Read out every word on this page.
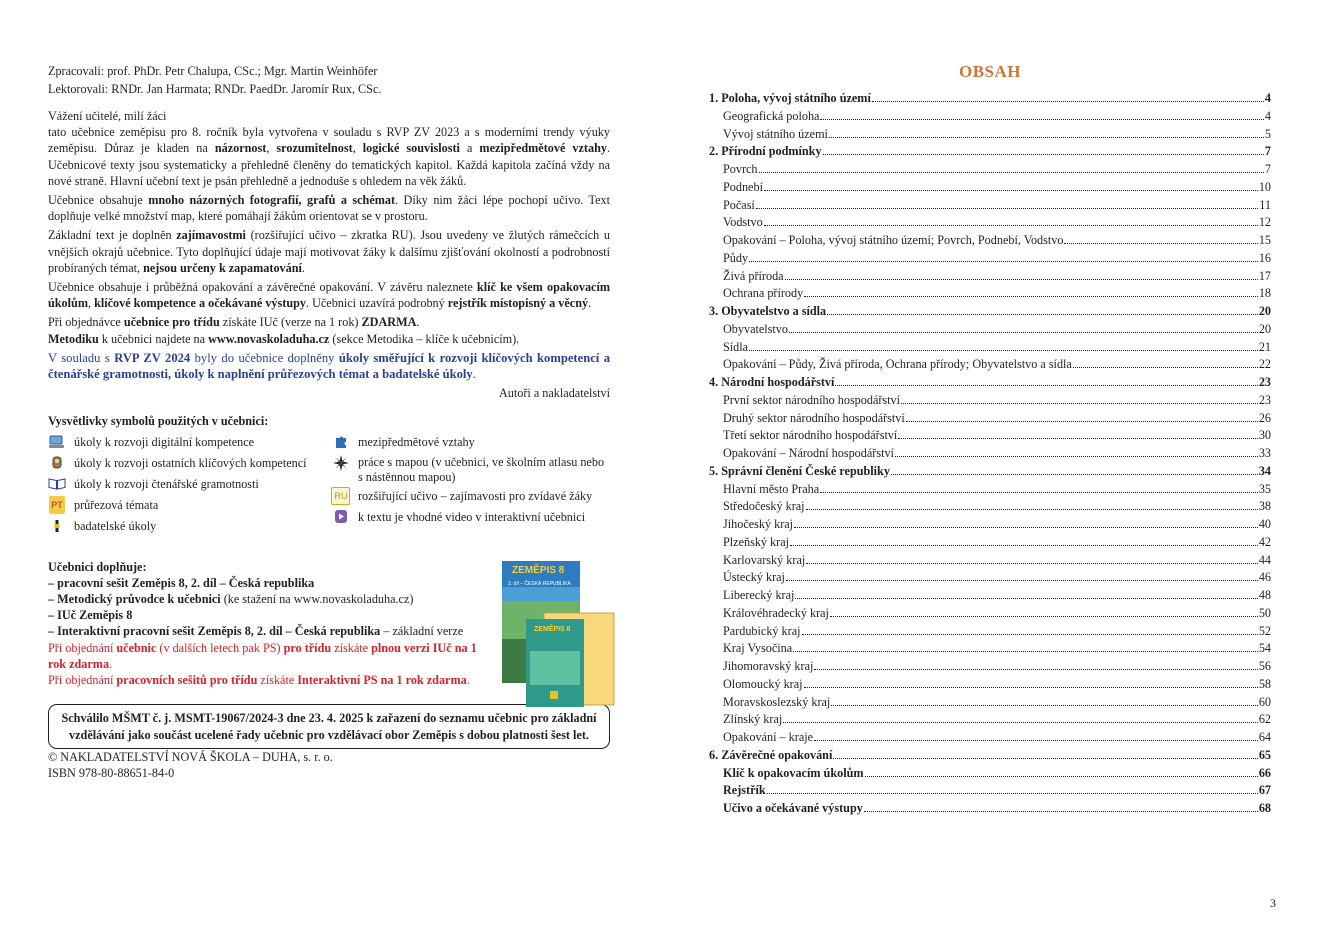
Zpracovali: prof. PhDr. Petr Chalupa, CSc.; Mgr. Martin Weinhöfer

Lektorovali: RNDr. Jan Harmata; RNDr. PaedDr. Jaromír Rux, CSc.

Vážení učitelé, milí žáci

tato učebnice zeměpisu pro 8. ročník byla vytvořena v souladu s RVP ZV 2023 a s moderními trendy výuky zeměpisu. Důraz je kladen na názornost, srozumitelnost, logické souvislosti a mezipředmětové vztahy. Učebnicové texty jsou systematicky a přehledně členěny do tematických kapitol. Každá kapitola začíná vždy na nové straně. Hlavní učební text je psán přehledně a jednoduše s ohledem na věk žáků.

Učebnice obsahuje mnoho názorných fotografií, grafů a schémat. Díky nim žáci lépe pochopí učivo. Text doplňuje velké množství map, které pomáhají žákům orientovat se v prostoru.

Základní text je doplněn zajímavostmi (rozšiřující učivo – zkratka RU). Jsou uvedeny ve žlutých rámečcích u vnějších okrajů učebnice. Tyto doplňující údaje mají motivovat žáky k dalšímu zjišťování okolností a podrobností probíraných témat, nejsou určeny k zapamatování.

Učebnice obsahuje i průběžná opakování a závěrečné opakování. V závěru naleznete klíč ke všem opakovacím úkolům, klíčové kompetence a očekávané výstupy. Učebnici uzavírá podrobný rejstřík místopisný a věcný.

Při objednávce učebnice pro třídu získáte IUč (verze na 1 rok) ZDARMA.

Metodiku k učebnici najdete na www.novaskoladuha.cz (sekce Metodika – klíče k učebnicím).

V souladu s RVP ZV 2024 byly do učebnice doplněny úkoly směřující k rozvoji klíčových kompetencí a čtenářské gramotnosti, úkoly k naplnění průřezových témat a badatelské úkoly.

Autoři a nakladatelství

Vysvětlivky symbolů použitých v učebnici:

úkoly k rozvoji digitální kompetence
úkoly k rozvoji ostatních klíčových kompetencí
úkoly k rozvoji čtenářské gramotnosti
PT průřezová témata
badatelské úkoly
mezipředmětové vztahy
práce s mapou (v učebnici, ve školním atlasu nebo s nástěnnou mapou)
RU rozšiřující učivo – zajímavosti pro zvídavé žáky
k textu je vhodné video v interaktivní učebnici

Učebnici doplňuje:

– pracovní sešit Zeměpis 8, 2. díl – Česká republika

– Metodický průvodce k učebnici (ke stažení na www.novaskoladuha.cz)

– IUč Zeměpis 8

– Interaktivní pracovní sešit Zeměpis 8, 2. díl – Česká republika – základní verze

Při objednání učebnic (v dalších letech pak PS) pro třídu získáte plnou verzi IUč na 1 rok zdarma.

Při objednání pracovních sešitů pro třídu získáte Interaktivní PS na 1 rok zdarma.

ZEMĚPIS 8
2. díl – ČESKÁ REPUBLIKA
ZEMĚPIS 8
Schválilo MŠMT č. j. MSMT-19067/2024-3 dne 23. 4. 2025 k zařazení do seznamu učebnic pro základní vzdělávání jako součást ucelené řady učebnic pro vzdělávací obor Zeměpis s dobou platnosti šest let.

© NAKLADATELSTVÍ NOVÁ ŠKOLA – DUHA, s. r. o.

ISBN 978-80-88651-84-0

OBSAH
1. Poloha, vývoj státního území	4
Geografická poloha	4
Vývoj státního území	5
2. Přírodní podmínky	7
Povrch	7
Podnebí	10
Počasí	11
Vodstvo	12
Opakování – Poloha, vývoj státního území; Povrch, Podnebí, Vodstvo	15
Půdy	16
Živá příroda	17
Ochrana přírody	18
3. Obyvatelstvo a sídla	20
Obyvatelstvo	20
Sídla	21
Opakování – Půdy, Živá příroda, Ochrana přírody; Obyvatelstvo a sídla	22
4. Národní hospodářství	23
První sektor národního hospodářství	23
Druhý sektor národního hospodářství	26
Třetí sektor národního hospodářství	30
Opakování – Národní hospodářství	33
5. Správní členění České republiky	34
Hlavní město Praha	35
Středočeský kraj	38
Jihočeský kraj	40
Plzeňský kraj	42
Karlovarský kraj	44
Ústecký kraj	46
Liberecký kraj	48
Královéhradecký kraj	50
Pardubický kraj	52
Kraj Vysočina	54
Jihomoravský kraj	56
Olomoucký kraj	58
Moravskoslezský kraj	60
Zlínský kraj	62
Opakování – kraje	64
6. Závěrečné opakování	65
Klíč k opakovacím úkolům	66
Rejstřík	67
Učivo a očekávané výstupy	68
3
